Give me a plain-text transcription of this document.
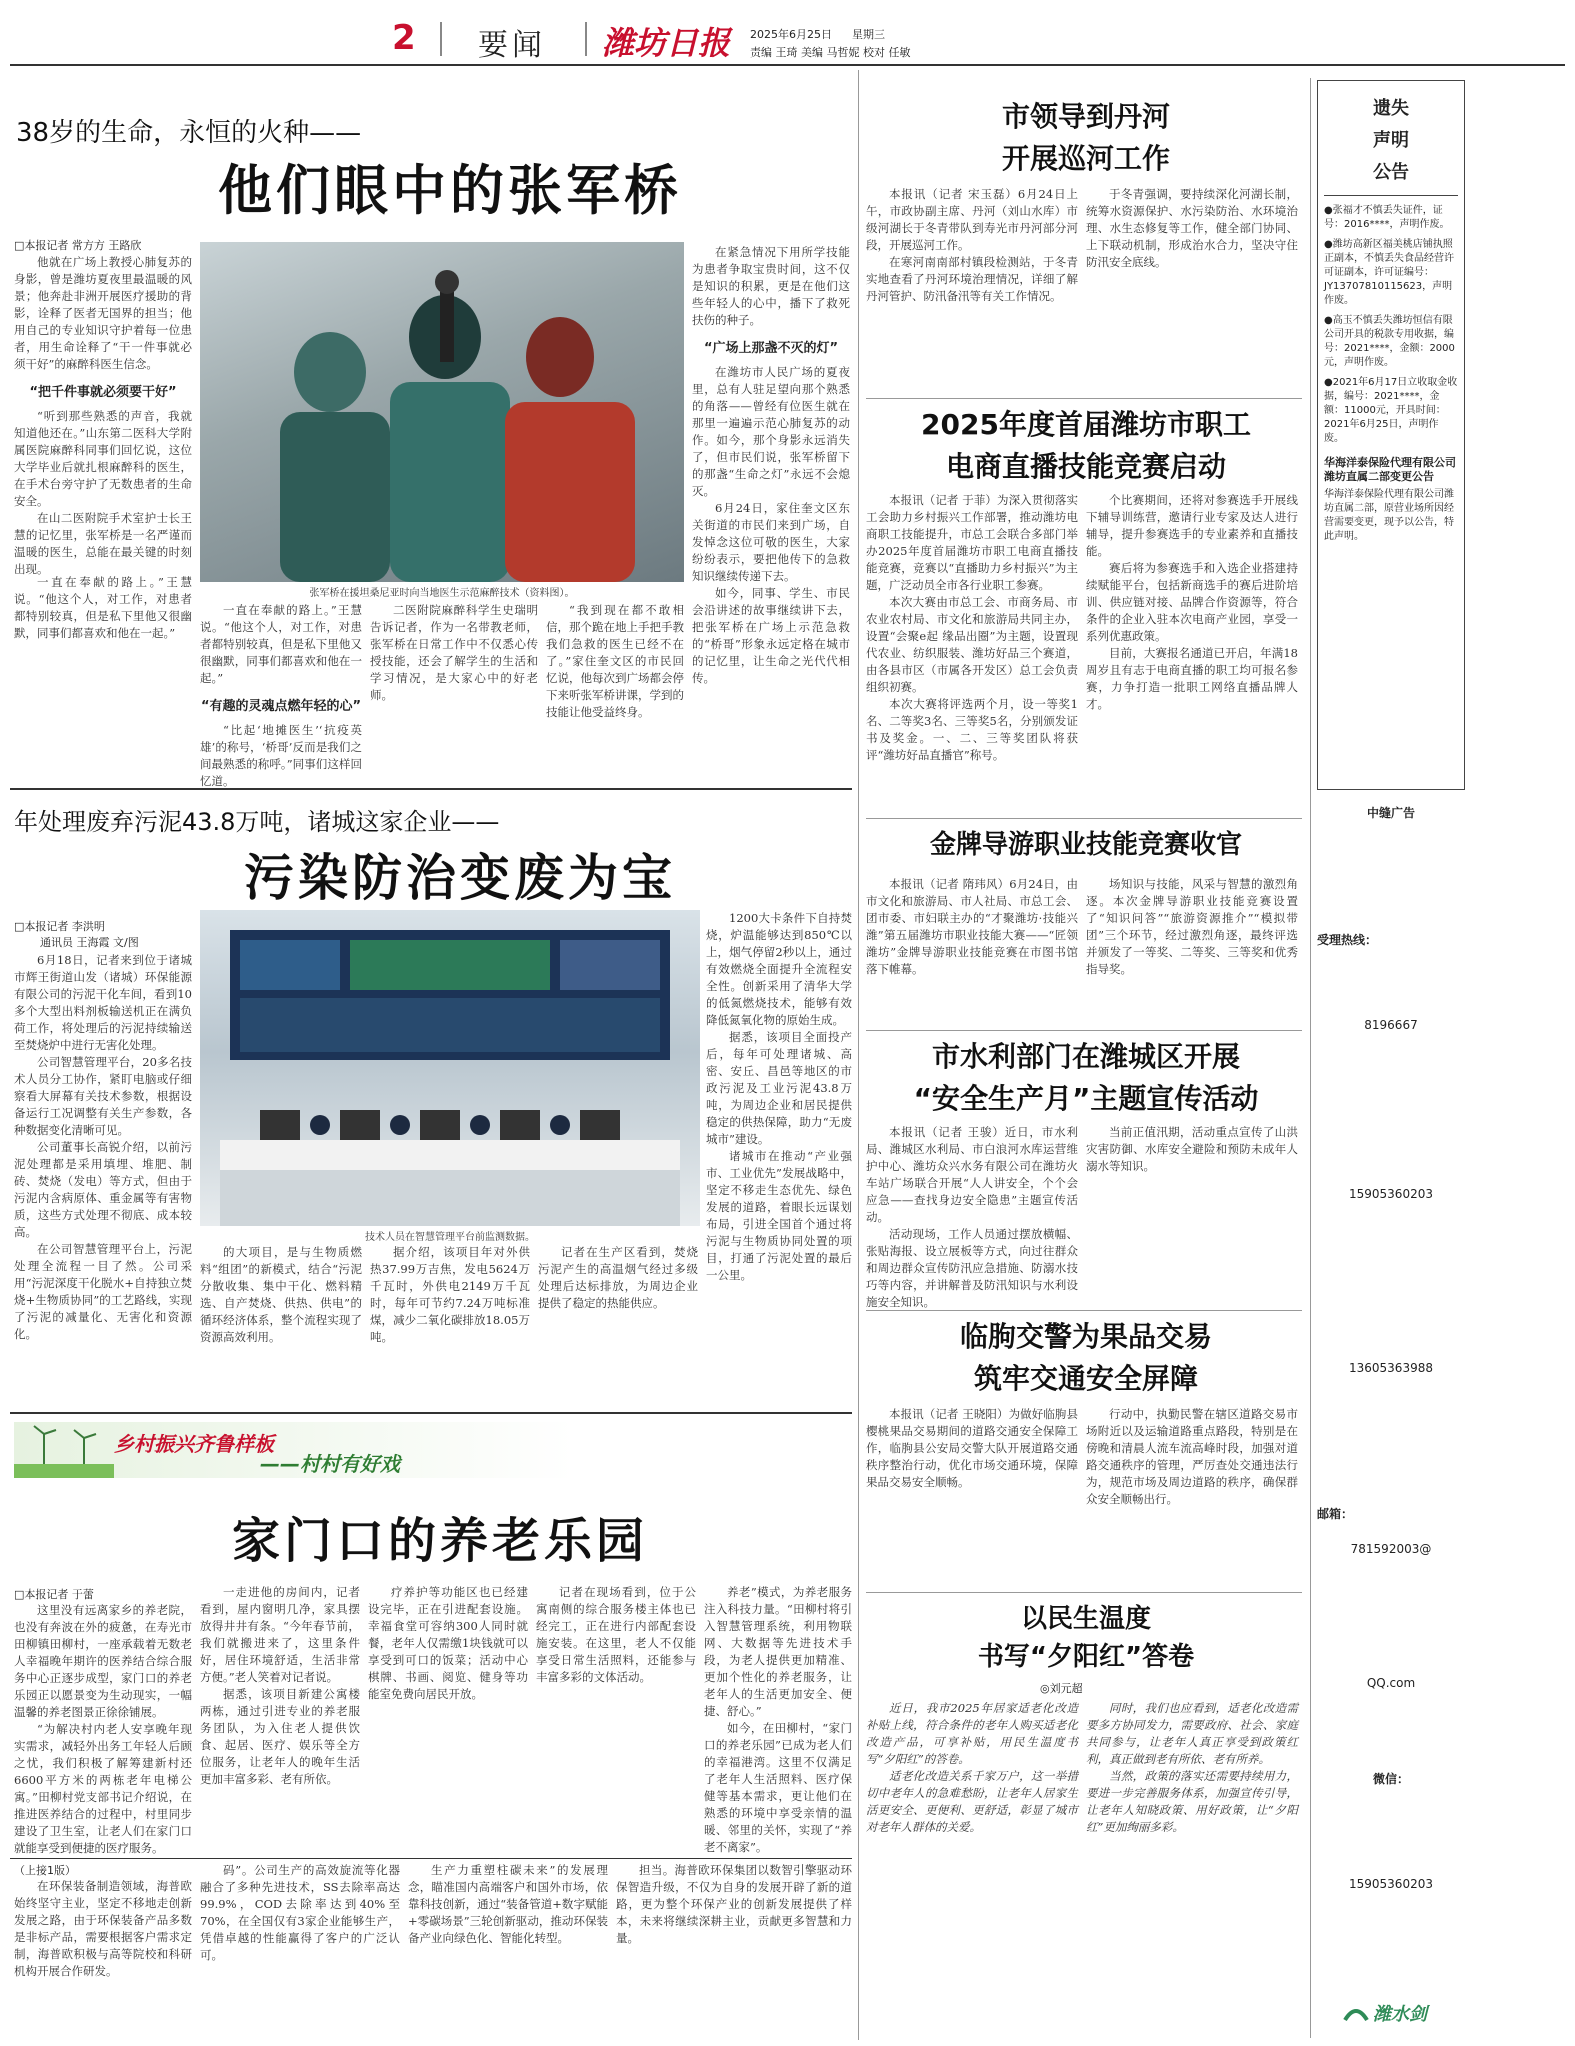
2 要闻 潍坊日报 2025年6月25日 星期三
责编 王琦 美编 马哲妮 校对 任敏
38岁的生命，永恒的火种——
他们眼中的张军桥
□本报记者 常方方 王路欣

他就在广场上教授心肺复苏的身影，曾是潍坊夏夜里最温暖的风景；他奔赴非洲开展医疗援助的背影，诠释了医者无国界的担当；他用自己的专业知识守护着每一位患者，用生命诠释了“干一件事就必须干好”的麻醉科医生信念。

“把千件事就必须要干好”

“听到那些熟悉的声音，我就知道他还在。”山东第二医科大学附属医院麻醉科同事们回忆说，这位大学毕业后就扎根麻醉科的医生，在手术台旁守护了无数患者的生命安全。

在山二医附院手术室护士长王慧的记忆里，张军桥是一名严谨而温暖的医生，总能在最关键的时刻出现。

张军桥在援坦桑尼亚时向当地医生示范麻醉技术（资料图）。

一直在奉献的路上。”王慧说。“他这个人，对工作，对患者都特别较真，但是私下里他又很幽默，同事们都喜欢和他在一起。”

一直在奉献的路上。”王慧说。“他这个人，对工作，对患者都特别较真，但是私下里他又很幽默，同事们都喜欢和他在一起。”

“有趣的灵魂点燃年轻的心”

“比起‘地摊医生’‘抗疫英雄’的称号，‘桥哥’反而是我们之间最熟悉的称呼。”同事们这样回忆道。

二医附院麻醉科学生史瑞明告诉记者，作为一名带教老师，张军桥在日常工作中不仅悉心传授技能，还会了解学生的生活和学习情况，是大家心中的好老师。

“我到现在都不敢相信，那个跪在地上手把手教我们急救的医生已经不在了。”家住奎文区的市民回忆说，他每次到广场都会停下来听张军桥讲课，学到的技能让他受益终身。

在紧急情况下用所学技能为患者争取宝贵时间，这不仅是知识的积累，更是在他们这些年轻人的心中，播下了救死扶伤的种子。

“广场上那盏不灭的灯”

在潍坊市人民广场的夏夜里，总有人驻足望向那个熟悉的角落——曾经有位医生就在那里一遍遍示范心肺复苏的动作。如今，那个身影永远消失了，但市民们说，张军桥留下的那盏“生命之灯”永远不会熄灭。

6月24日，家住奎文区东关街道的市民们来到广场，自发悼念这位可敬的医生，大家纷纷表示，要把他传下的急救知识继续传递下去。

如今，同事、学生、市民会沿讲述的故事继续讲下去，把张军桥在广场上示范急救的“桥哥”形象永远定格在城市的记忆里，让生命之光代代相传。

年处理废弃污泥43.8万吨，诸城这家企业——
污染防治变废为宝
□本报记者 李洪明
通讯员 王海霞 文/图

6月18日，记者来到位于诸城市辉王街道山发（诸城）环保能源有限公司的污泥干化车间，看到10多个大型出料剂板输送机正在满负荷工作，将处理后的污泥持续输送至焚烧炉中进行无害化处理。

公司智慧管理平台，20多名技术人员分工协作，紧盯电脑或仔细察看大屏幕有关技术参数，根据设备运行工况调整有关生产参数，各种数据变化清晰可见。

公司董事长高锐介绍，以前污泥处理都是采用填埋、堆肥、制砖、焚烧（发电）等方式，但由于污泥内含病原体、重金属等有害物质，这些方式处理不彻底、成本较高。

在公司智慧管理平台上，污泥处理全流程一目了然。公司采用“污泥深度干化脱水+自持独立焚烧+生物质协同”的工艺路线，实现了污泥的减量化、无害化和资源化。

技术人员在智慧管理平台前监测数据。

的大项目，是与生物质燃料“组团”的新模式，结合“污泥分散收集、集中干化、燃料精选、自产焚烧、供热、供电”的循环经济体系，整个流程实现了资源高效利用。

据介绍，该项目年对外供热37.99万吉焦，发电5624万千瓦时，外供电2149万千瓦时，每年可节约7.24万吨标准煤，减少二氧化碳排放18.05万吨。

记者在生产区看到，焚烧污泥产生的高温烟气经过多级处理后达标排放，为周边企业提供了稳定的热能供应。

1200大卡条件下自持焚烧，炉温能够达到850℃以上，烟气停留2秒以上，通过有效燃烧全面提升全流程安全性。创新采用了清华大学的低氮燃烧技术，能够有效降低氮氧化物的原始生成。

据悉，该项目全面投产后，每年可处理诸城、高密、安丘、昌邑等地区的市政污泥及工业污泥43.8万吨，为周边企业和居民提供稳定的供热保障，助力“无废城市”建设。

诸城市在推动“产业强市、工业优先”发展战略中，坚定不移走生态优先、绿色发展的道路，着眼长远谋划布局，引进全国首个通过将污泥与生物质协同处置的项目，打通了污泥处置的最后一公里。

乡村振兴齐鲁样板
——村村有好戏
家门口的养老乐园
□本报记者 于蕾

这里没有远离家乡的养老院，也没有奔波在外的疲惫，在寿光市田柳镇田柳村，一座承载着无数老人幸福晚年期许的医养结合综合服务中心正逐步成型，家门口的养老乐园正以愿景变为生动现实，一幅温馨的养老图景正徐徐铺展。

“为解决村内老人安享晚年现实需求，减轻外出务工年轻人后顾之忧，我们积极了解筹建新村还6600平方米的两栋老年电梯公寓。”田柳村党支部书记介绍说，在推进医养结合的过程中，村里同步建设了卫生室，让老人们在家门口就能享受到便捷的医疗服务。

一走进他的房间内，记者看到，屋内窗明几净，家具摆放得井井有条。“今年春节前，我们就搬进来了，这里条件好，居住环境舒适，生活非常方便。”老人笑着对记者说。

据悉，该项目新建公寓楼两栋，通过引进专业的养老服务团队，为入住老人提供饮食、起居、医疗、娱乐等全方位服务，让老年人的晚年生活更加丰富多彩、老有所依。

疗养护等功能区也已经建设完毕，正在引进配套设施。幸福食堂可容纳300人同时就餐，老年人仅需缴1块钱就可以享受到可口的饭菜；活动中心棋牌、书画、阅览、健身等功能室免费向居民开放。

记者在现场看到，位于公寓南侧的综合服务楼主体也已经完工，正在进行内部配套设施安装。在这里，老人不仅能享受日常生活照料，还能参与丰富多彩的文体活动。

养老”模式，为养老服务注入科技力量。“田柳村将引入智慧管理系统，利用物联网、大数据等先进技术手段，为老人提供更加精准、更加个性化的养老服务，让老年人的生活更加安全、便捷、舒心。”

如今，在田柳村，“家门口的养老乐园”已成为老人们的幸福港湾。这里不仅满足了老年人生活照料、医疗保健等基本需求，更让他们在熟悉的环境中享受亲情的温暖、邻里的关怀，实现了“养老不离家”。

（上接1版）

在环保装备制造领域，海普欧始终坚守主业，坚定不移地走创新发展之路，由于环保装备产品多数是非标产品，需要根据客户需求定制，海普欧积极与高等院校和科研机构开展合作研发。

码”。公司生产的高效旋流等化器融合了多种先进技术，SS去除率高达99.9%，COD去除率达到40%至70%，在全国仅有3家企业能够生产，凭借卓越的性能赢得了客户的广泛认可。

生产力重塑柱碳未来”的发展理念，瞄准国内高端客户和国外市场，依靠科技创新，通过“装备管道+数字赋能+零碳场景”三轮创新驱动，推动环保装备产业向绿色化、智能化转型。

担当。海普欧环保集团以数智引擎驱动环保智造升级，不仅为自身的发展开辟了新的道路，更为整个环保产业的创新发展提供了样本，未来将继续深耕主业，贡献更多智慧和力量。

市领导到丹河
开展巡河工作

本报讯（记者 宋玉磊）6月24日上午，市政协副主席、丹河（刘山水库）市级河湖长于冬青带队到寿光市丹河部分河段，开展巡河工作。

在寒河南南部村镇段检测站，于冬青实地查看了丹河环境治理情况，详细了解丹河管护、防汛备汛等有关工作情况。

于冬青强调，要持续深化河湖长制，统筹水资源保护、水污染防治、水环境治理、水生态修复等工作，健全部门协同、上下联动机制，形成治水合力，坚决守住防汛安全底线。

2025年度首届潍坊市职工
电商直播技能竞赛启动

本报讯（记者 于菲）为深入贯彻落实工会助力乡村振兴工作部署，推动潍坊电商职工技能提升，市总工会联合多部门举办2025年度首届潍坊市职工电商直播技能竞赛，竞赛以“直播助力乡村振兴”为主题，广泛动员全市各行业职工参赛。

本次大赛由市总工会、市商务局、市农业农村局、市文化和旅游局共同主办，设置“会聚e起 缘品出圈”为主题，设置现代农业、纺织服装、潍坊好品三个赛道，由各县市区（市属各开发区）总工会负责组织初赛。

本次大赛将评选两个月，设一等奖1名、二等奖3名、三等奖5名，分别颁发证书及奖金。一、二、三等奖团队将获评“潍坊好品直播官”称号。

个比赛期间，还将对参赛选手开展线下辅导训练营，邀请行业专家及达人进行辅导，提升参赛选手的专业素养和直播技能。

赛后将为参赛选手和入选企业搭建持续赋能平台，包括新商选手的赛后进阶培训、供应链对接、品牌合作资源等，符合条件的企业入驻本次电商产业园，享受一系列优惠政策。

目前，大赛报名通道已开启，年满18周岁且有志于电商直播的职工均可报名参赛，力争打造一批职工网络直播品牌人才。

金牌导游职业技能竞赛收官

本报讯（记者 隋玮风）6月24日，由市文化和旅游局、市人社局、市总工会、团市委、市妇联主办的“才聚潍坊·技能兴潍”第五届潍坊市职业技能大赛——“匠领潍坊”金牌导游职业技能竞赛在市图书馆落下帷幕。

场知识与技能，风采与智慧的激烈角逐。本次金牌导游职业技能竞赛设置了“知识问答”“旅游资源推介”“模拟带团”三个环节，经过激烈角逐，最终评选并颁发了一等奖、二等奖、三等奖和优秀指导奖。

市水利部门在潍城区开展
“安全生产月”主题宣传活动

本报讯（记者 王骏）近日，市水利局、潍城区水利局、市白浪河水库运营维护中心、潍坊众兴水务有限公司在潍坊火车站广场联合开展“人人讲安全，个个会应急——查找身边安全隐患”主题宣传活动。

活动现场，工作人员通过摆放横幅、张贴海报、设立展板等方式，向过往群众和周边群众宣传防汛应急措施、防溺水技巧等内容，并讲解普及防汛知识与水利设施安全知识。

当前正值汛期，活动重点宣传了山洪灾害防御、水库安全避险和预防未成年人溺水等知识。

临朐交警为果品交易
筑牢交通安全屏障

本报讯（记者 王晓阳）为做好临朐县樱桃果品交易期间的道路交通安全保障工作，临朐县公安局交警大队开展道路交通秩序整治行动，优化市场交通环境，保障果品交易安全顺畅。

行动中，执勤民警在辖区道路交易市场附近以及运输道路重点路段，特别是在傍晚和清晨人流车流高峰时段，加强对道路交通秩序的管理，严厉查处交通违法行为，规范市场及周边道路的秩序，确保群众安全顺畅出行。

以民生温度
书写“夕阳红”答卷
◎刘元超

近日，我市2025年居家适老化改造补贴上线，符合条件的老年人购买适老化改造产品，可享补贴，用民生温度书写“夕阳红”的答卷。

适老化改造关系千家万户，这一举措切中老年人的急难愁盼，让老年人居家生活更安全、更便利、更舒适，彰显了城市对老年人群体的关爱。

同时，我们也应看到，适老化改造需要多方协同发力，需要政府、社会、家庭共同参与，让老年人真正享受到政策红利，真正做到老有所依、老有所养。

当然，政策的落实还需要持续用力，要进一步完善服务体系，加强宣传引导，让老年人知晓政策、用好政策，让“夕阳红”更加绚丽多彩。

遗失
声明
公告

●张福才不慎丢失证件，证号：2016****，声明作废。

●潍坊高新区福美桃店铺执照正副本，不慎丢失食品经营许可证副本，许可证编号：JY13707810115623，声明作废。

●高玉不慎丢失潍坊恒信有限公司开具的税款专用收据，编号：2021****，金额：2000元，声明作废。

●2021年6月17日立收取金收据，编号：2021****，金额：11000元，开具时间：2021年6月25日，声明作废。

华海洋泰保险代理有限公司潍坊直属二部变更公告

华海洋泰保险代理有限公司潍坊直属二部，原营业场所因经营需要变更，现予以公告，特此声明。

中缝广告
受理热线：
8196667
15905360203
13605363988
邮箱：
781592003@
QQ.com
微信：
15905360203
潍水剑
